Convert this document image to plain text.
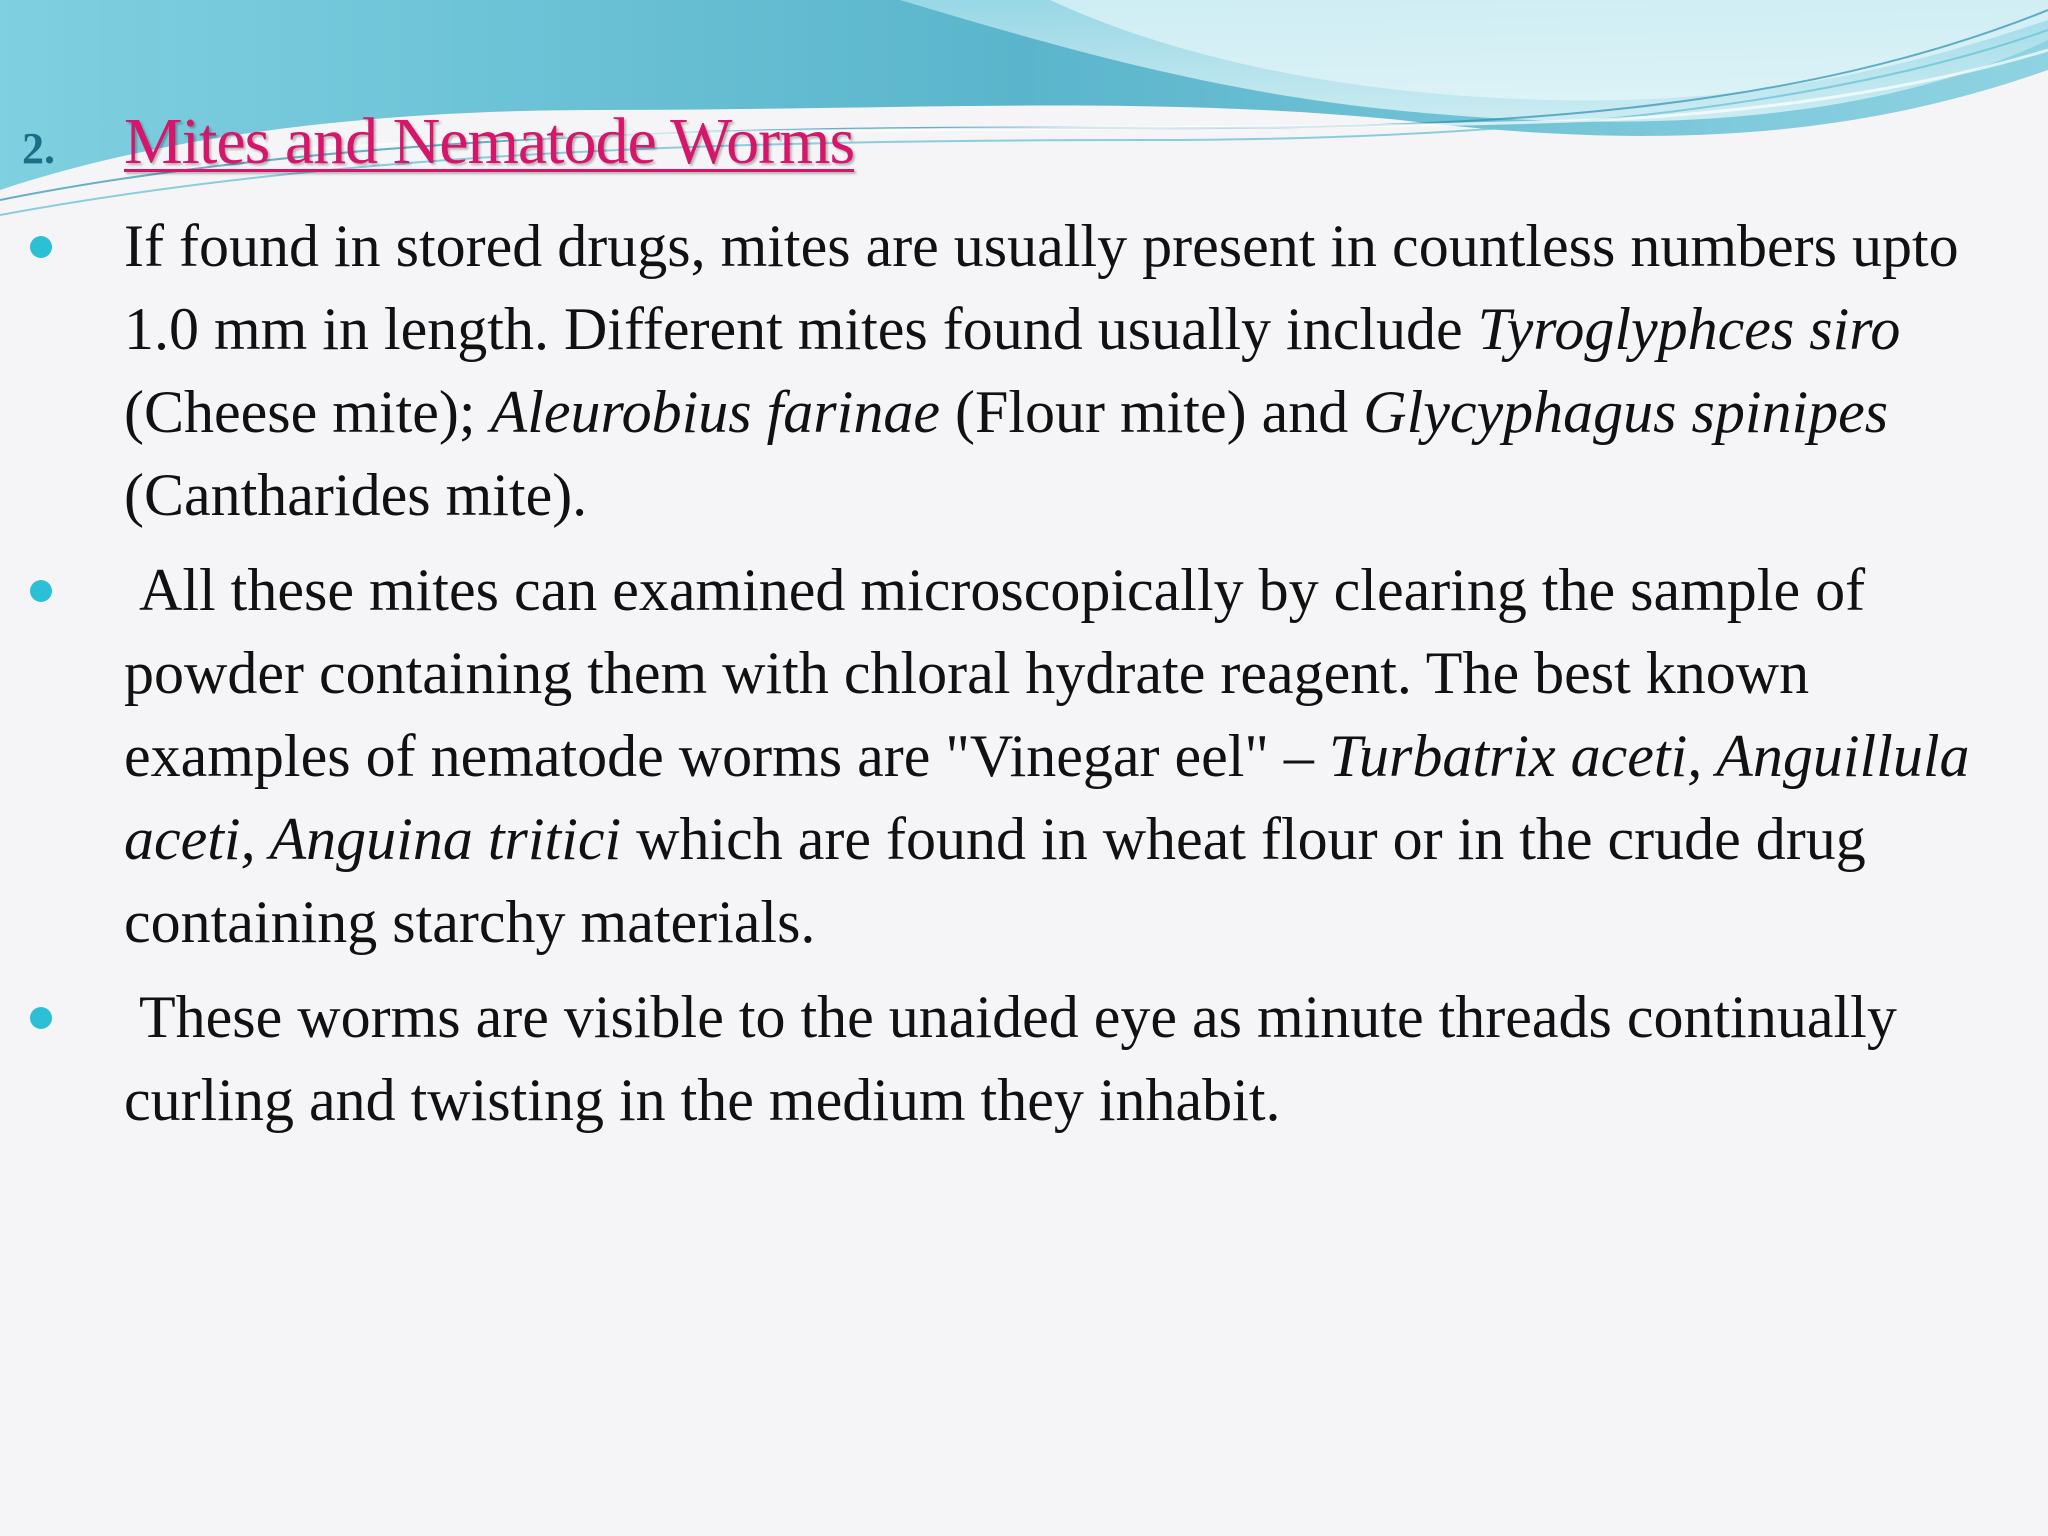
2.	Mites and Nematode Worms
If found in stored drugs, mites are usually present in countless numbers upto 1.0 mm in length. Different mites found usually include Tyroglyphces siro (Cheese mite); Aleurobius farinae (Flour mite) and Glycyphagus spinipes (Cantharides mite).
All these mites can examined microscopically by clearing the sample of powder containing them with chloral hydrate reagent. The best known examples of nematode worms are "Vinegar eel" – Turbatrix aceti, Anguillula aceti, Anguina tritici which are found in wheat flour or in the crude drug containing starchy materials.
These worms are visible to the unaided eye as minute threads continually curling and twisting in the medium they inhabit.
